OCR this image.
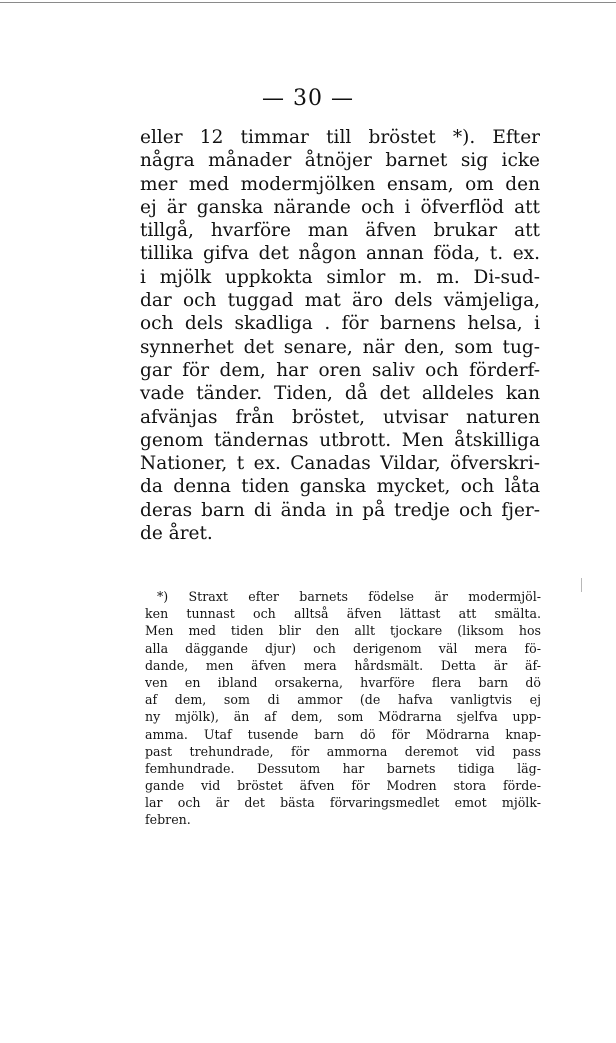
— 30 —
eller 12 timmar till bröstet *). Efter
några månader åtnöjer barnet sig icke
mer med modermjölken ensam, om den
ej är ganska närande och i öfverflöd att
tillgå, hvarföre man äfven brukar att
tillika gifva det någon annan föda, t. ex.
i mjölk uppkokta simlor m. m. Di-sud-
dar och tuggad mat äro dels vämjeliga,
och dels skadliga . för barnens helsa, i
synnerhet det senare, när den, som tug-
gar för dem, har oren saliv och förderf-
vade tänder. Tiden, då det alldeles kan
afvänjas från bröstet, utvisar naturen
genom tändernas utbrott. Men åtskilliga
Nationer, t ex. Canadas Vildar, öfverskri-
da denna tiden ganska mycket, och låta
deras barn di ända in på tredje och fjer-
de året.
*) Straxt efter barnets födelse är modermjöl-
ken tunnast och alltså äfven lättast att smälta.
Men med tiden blir den allt tjockare (liksom hos
alla däggande djur) och derigenom väl mera fö-
dande, men äfven mera hårdsmält. Detta är äf-
ven en ibland orsakerna, hvarföre flera barn dö
af dem, som di ammor (de hafva vanligtvis ej
ny mjölk), än af dem, som Mödrarna sjelfva upp-
amma. Utaf tusende barn dö för Mödrarna knap-
past trehundrade, för ammorna deremot vid pass
femhundrade. Dessutom har barnets tidiga läg-
gande vid bröstet äfven för Modren stora förde-
lar och är det bästa förvaringsmedlet emot mjölk-
febren.
